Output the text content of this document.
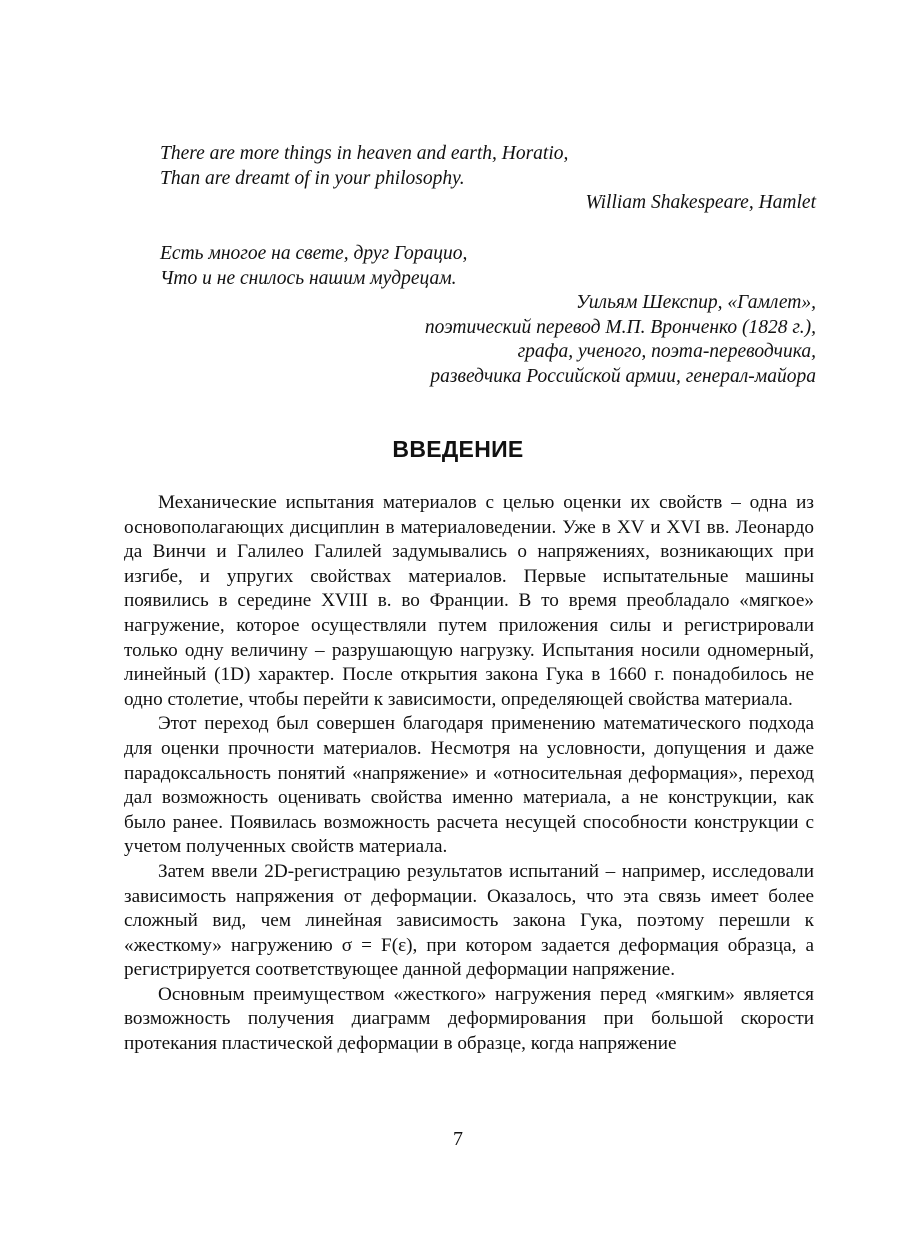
There are more things in heaven and earth, Horatio,
Than are dreamt of in your philosophy.
William Shakespeare, Hamlet
Есть многое на свете, друг Горацио,
Что и не снилось нашим мудрецам.
Уильям Шекспир, «Гамлет»,
поэтический перевод М.П. Вронченко (1828 г.),
графа, ученого, поэта-переводчика,
разведчика Российской армии, генерал-майора
ВВЕДЕНИЕ

Механические испытания материалов с целью оценки их свойств – одна из основополагающих дисциплин в материаловедении. Уже в XV и XVI вв. Леонардо да Винчи и Галилео Галилей задумывались о напряжениях, возникающих при изгибе, и упругих свойствах материалов. Первые испытательные машины появились в середине XVIII в. во Франции. В то время преобладало «мягкое» нагружение, которое осуществляли путем приложения силы и регистрировали только одну величину – разрушающую нагрузку. Испытания носили одномерный, линейный (1D) характер. После открытия закона Гука в 1660 г. понадобилось не одно столетие, чтобы перейти к зависимости, определяющей свойства материала.

Этот переход был совершен благодаря применению математического подхода для оценки прочности материалов. Несмотря на условности, допущения и даже парадоксальность понятий «напряжение» и «относительная деформация», переход дал возможность оценивать свойства именно материала, а не конструкции, как было ранее. Появилась возможность расчета несущей способности конструкции с учетом полученных свойств материала.

Затем ввели 2D-регистрацию результатов испытаний – например, исследовали зависимость напряжения от деформации. Оказалось, что эта связь имеет более сложный вид, чем линейная зависимость закона Гука, поэтому перешли к «жесткому» нагружению σ = F(ε), при котором задается деформация образца, а регистрируется соответствующее данной деформации напряжение.

Основным преимуществом «жесткого» нагружения перед «мягким» является возможность получения диаграмм деформирования при большой скорости протекания пластической деформации в образце, когда напряжение

7
